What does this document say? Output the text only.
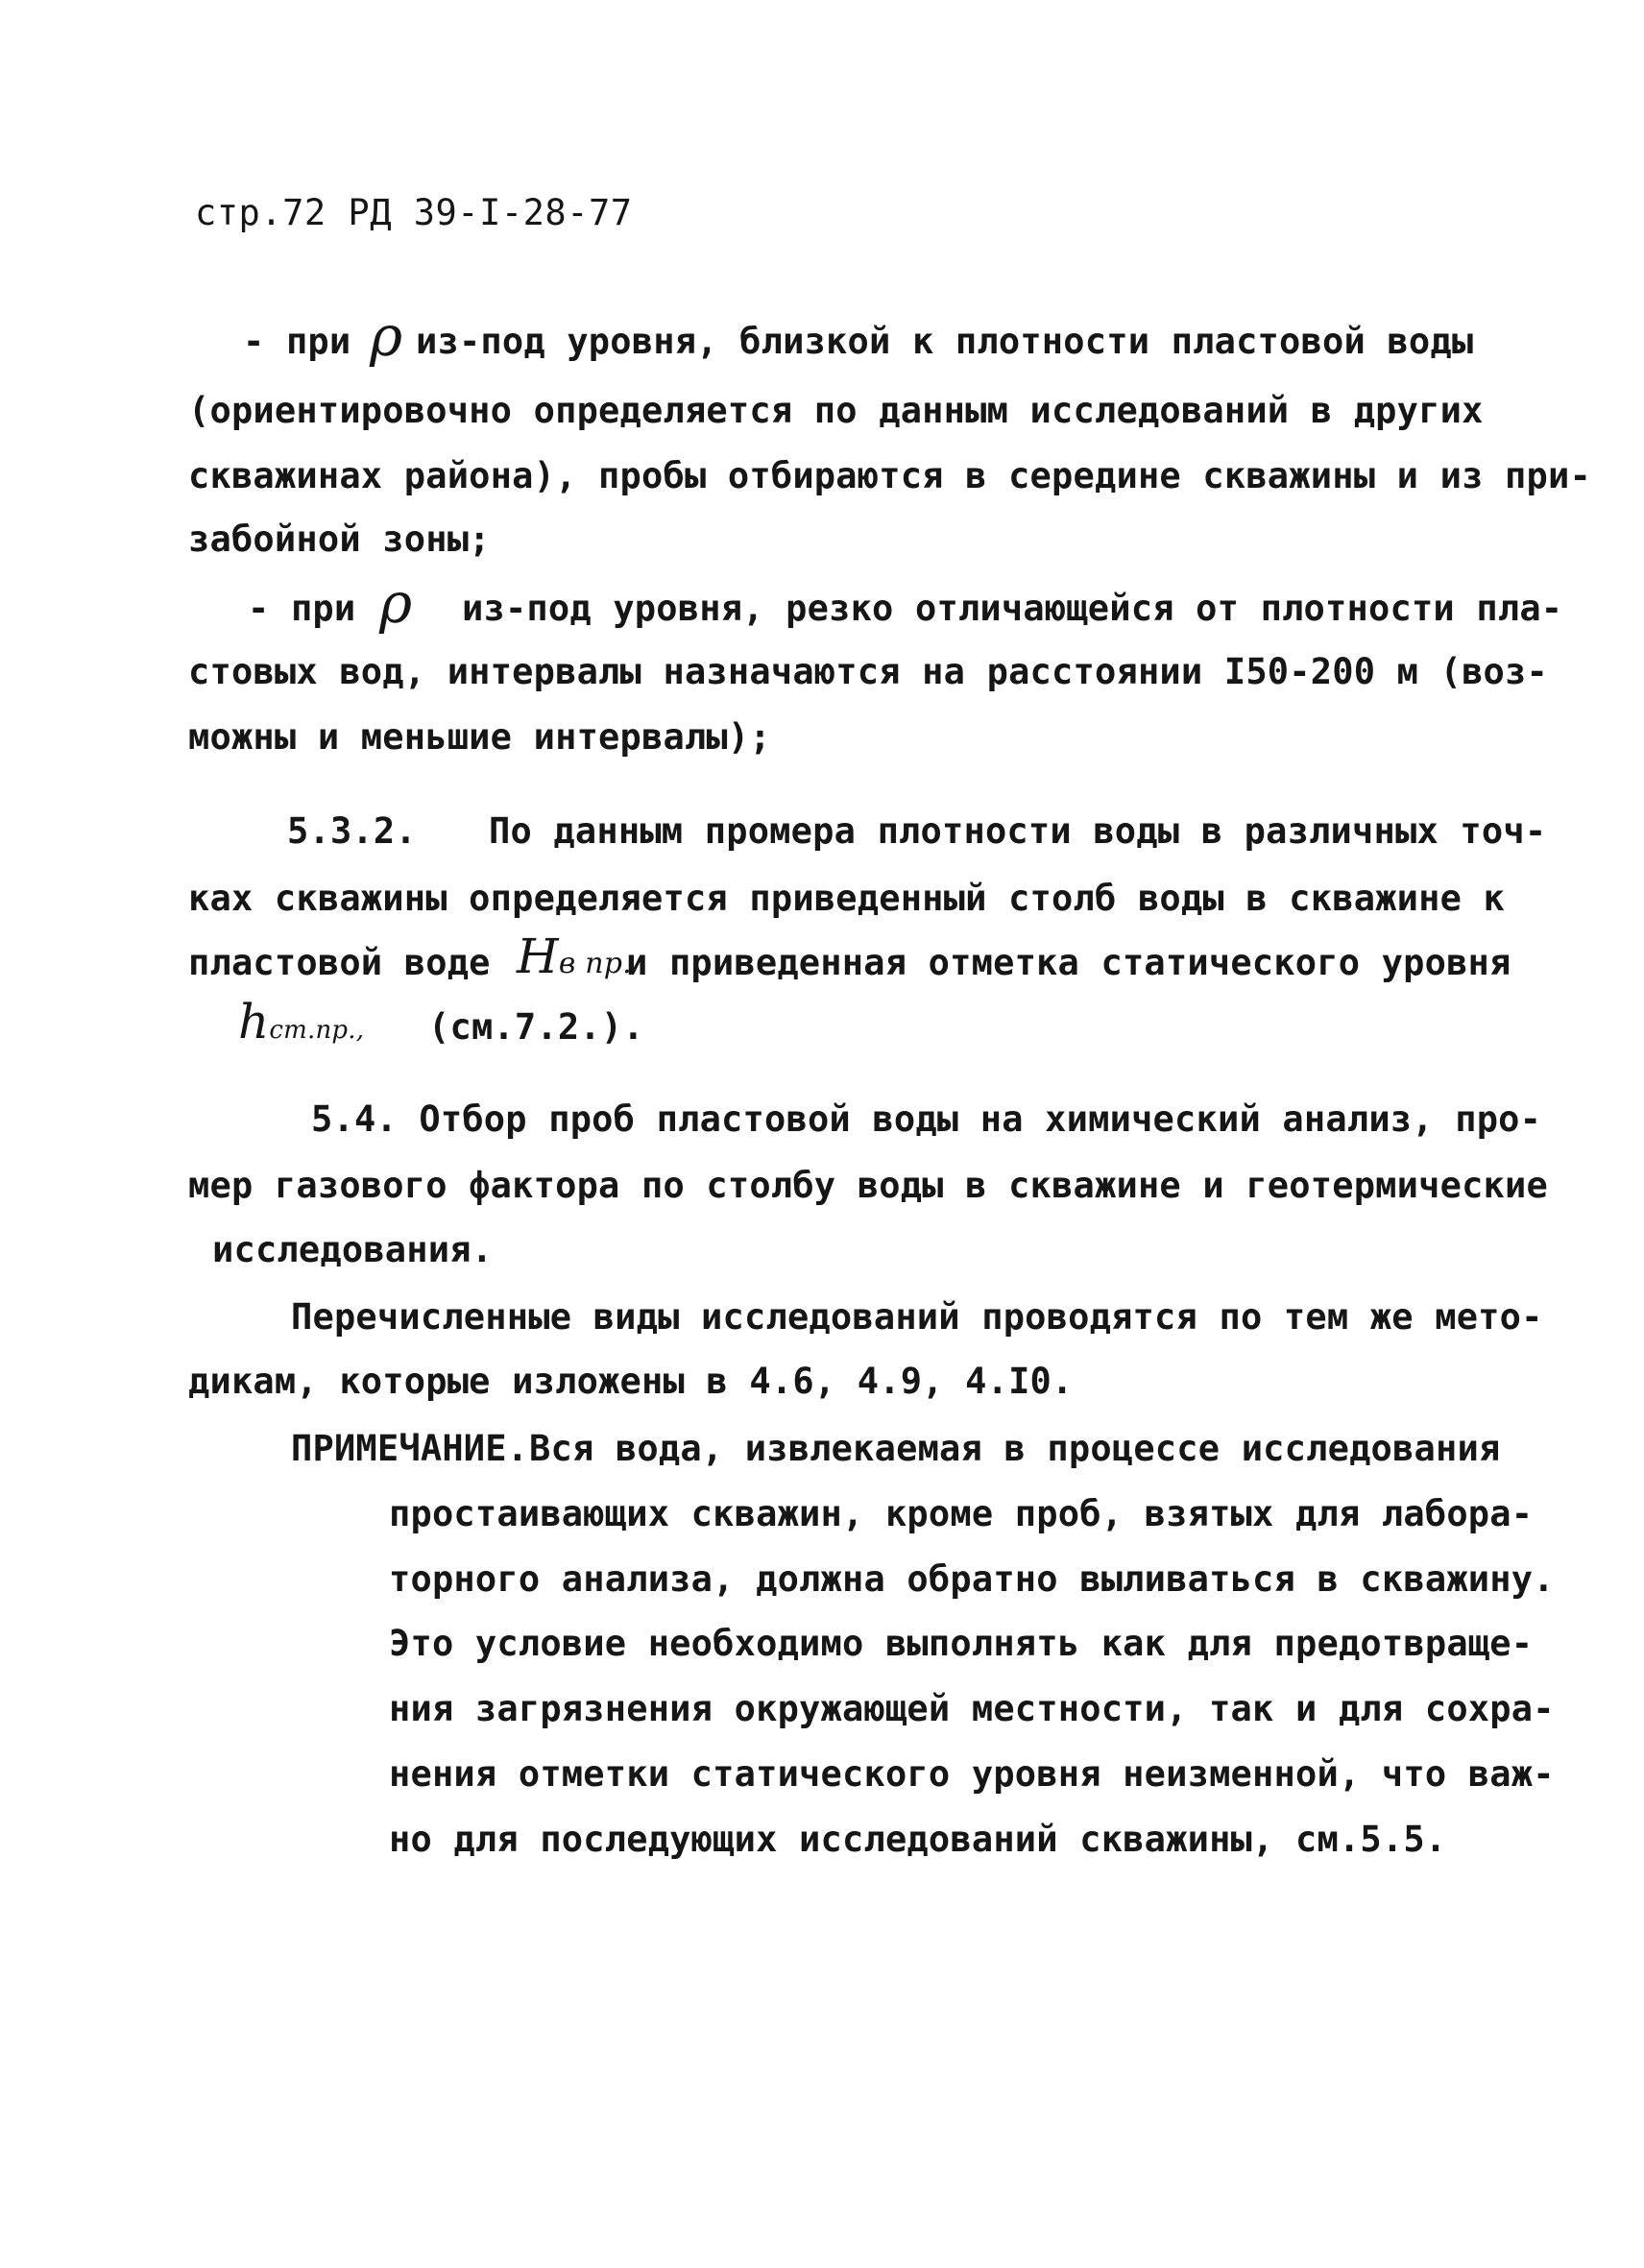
стр.72 РД 39-I-28-77
- при ρ из-под уровня, близкой к плотности пластовой воды
(ориентировочно определяется по данным исследований в других
скважинах района), пробы отбираются в середине скважины и из при-
забойной зоны;
- при ρ из-под уровня, резко отличающейся от плотности пла-
стовых вод, интервалы назначаются на расстоянии I50-200 м (воз-
можны и меньшие интервалы);
5.3.2. По данным промера плотности воды в различных точ-
ках скважины определяется приведенный столб воды в скважине к
пластовой воде Hв пр.
и приведенная отметка статического уровня
hст.пр., (см.7.2.).
5.4. Отбор проб пластовой воды на химический анализ, про-
мер газового фактора по столбу воды в скважине и геотермические
исследования.
Перечисленные виды исследований проводятся по тем же мето-
дикам, которые изложены в 4.6, 4.9, 4.I0.
ПРИМЕЧАНИЕ. Вся вода, извлекаемая в процессе исследования
простаивающих скважин, кроме проб, взятых для лабора-
торного анализа, должна обратно выливаться в скважину.
Это условие необходимо выполнять как для предотвраще-
ния загрязнения окружающей местности, так и для сохра-
нения отметки статического уровня неизменной, что важ-
но для последующих исследований скважины, см.5.5.
